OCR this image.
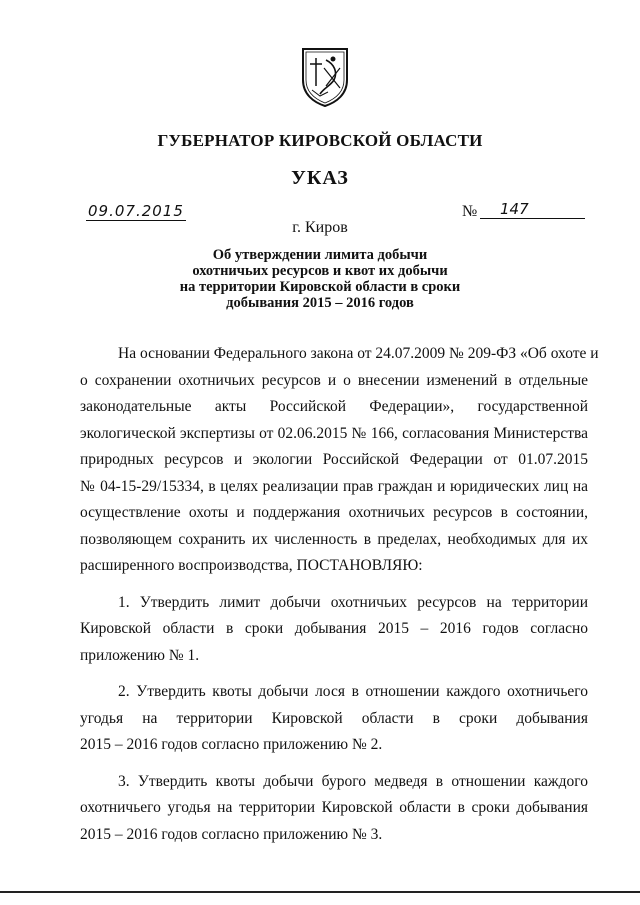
ГУБЕРНАТОР КИРОВСКОЙ ОБЛАСТИ
УКАЗ
09.07.2015	№	147
г. Киров
Об утверждении лимита добычи
охотничьих ресурсов и квот их добычи
на территории Кировской области в сроки
добывания 2015 – 2016 годов
На основании Федерального закона от 24.07.2009 № 209-ФЗ «Об охоте и
о сохранении охотничьих ресурсов и о внесении изменений в отдельные
законодательные акты Российской Федерации», государственной
экологической экспертизы от 02.06.2015 № 166, согласования Министерства
природных ресурсов и экологии Российской Федерации от 01.07.2015
№ 04-15-29/15334, в целях реализации прав граждан и юридических лиц на
осуществление охоты и поддержания охотничьих ресурсов в состоянии,
позволяющем сохранить их численность в пределах, необходимых для их
расширенного воспроизводства, ПОСТАНОВЛЯЮ:
1. Утвердить лимит добычи охотничьих ресурсов на территории
Кировской области в сроки добывания 2015 – 2016 годов согласно
приложению № 1.
2. Утвердить квоты добычи лося в отношении каждого охотничьего
угодья на территории Кировской области в сроки добывания
2015 – 2016 годов согласно приложению № 2.
3. Утвердить квоты добычи бурого медведя в отношении каждого
охотничьего угодья на территории Кировской области в сроки добывания
2015 – 2016 годов согласно приложению № 3.
